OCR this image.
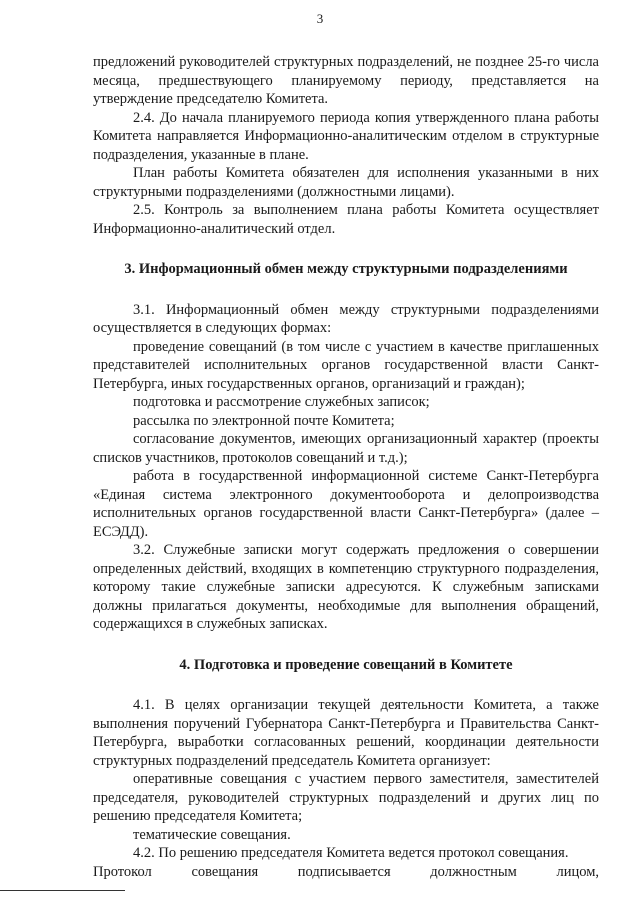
3

предложений руководителей структурных подразделений, не позднее 25-го числа месяца, предшествующего планируемому периоду, представляется на утверждение председателю Комитета.

2.4. До начала планируемого периода копия утвержденного плана работы Комитета направляется Информационно-аналитическим отделом в структурные подразделения, указанные в плане.

План работы Комитета обязателен для исполнения указанными в них структурными подразделениями (должностными лицами).

2.5. Контроль за выполнением плана работы Комитета осуществляет Информационно-аналитический отдел.

3. Информационный обмен между структурными подразделениями

3.1. Информационный обмен между структурными подразделениями осуществляется в следующих формах:

проведение совещаний (в том числе с участием в качестве приглашенных представителей исполнительных органов государственной власти Санкт-Петербурга, иных государственных органов, организаций и граждан);

подготовка и рассмотрение служебных записок;

рассылка по электронной почте Комитета;

согласование документов, имеющих организационный характер (проекты списков участников, протоколов совещаний и т.д.);

работа в государственной информационной системе Санкт-Петербурга «Единая система электронного документооборота и делопроизводства исполнительных органов государственной власти Санкт-Петербурга» (далее – ЕСЭДД).

3.2. Служебные записки могут содержать предложения о совершении определенных действий, входящих в компетенцию структурного подразделения, которому такие служебные записки адресуются. К служебным записками должны прилагаться документы, необходимые для выполнения обращений, содержащихся в служебных записках.

4. Подготовка и проведение совещаний в Комитете

4.1. В целях организации текущей деятельности Комитета, а также выполнения поручений Губернатора Санкт-Петербурга и Правительства Санкт-Петербурга, выработки согласованных решений, координации деятельности структурных подразделений председатель Комитета организует:

оперативные совещания с участием первого заместителя, заместителей председателя, руководителей структурных подразделений и других лиц по решению председателя Комитета;

тематические совещания.

4.2. По решению председателя Комитета ведется протокол совещания.

Протокол совещания подписывается должностным лицом,
